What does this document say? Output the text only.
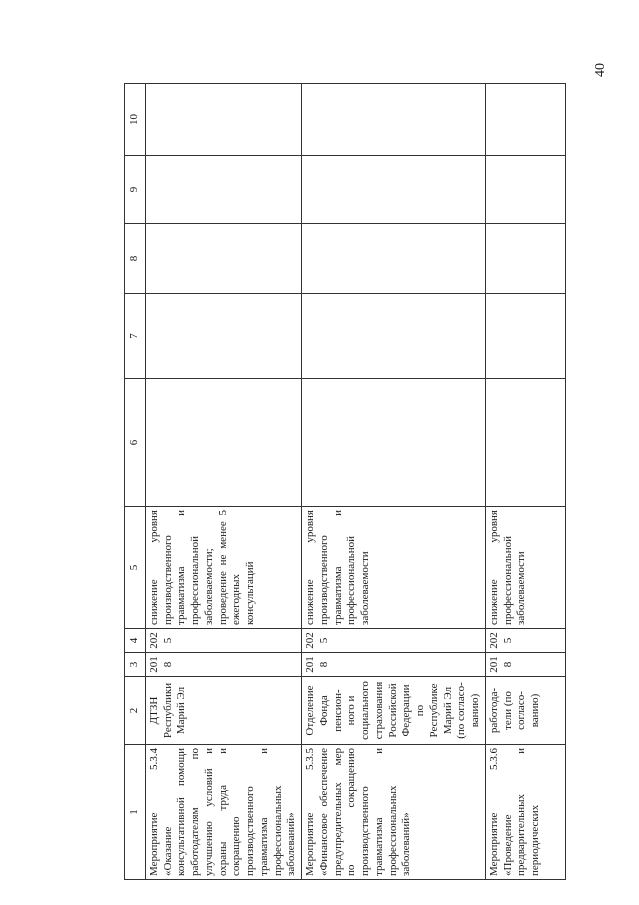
40
1	2	3	4	5	6	7	8	9	10
Мероприятие 5.3.4 «Оказание консультативной помощи работодателям по улучшению условий и охраны труда и сокращению производственного травматизма и профессиональных заболеваний»	ДТЗН Республики Марий Эл	2018	2025	снижение уровня производственного травматизма и профессиональной заболеваемости; проведение не менее 5 ежегодных консультаций					
Мероприятие 5.3.5 «Финансовое обеспечение предупредительных мер по сокращению производственного травматизма и профессиональных заболеваний»	Отделение Фонда пенсион-ного и социального страхования Российской Федерации по Республике Марий Эл (по согласо-ванию)	2018	2025	снижение уровня производственного травматизма и профессиональной заболеваемости					
Мероприятие 5.3.6 «Проведение предварительных и периодических	работода-тели (по согласо-ванию)	2018	2025	снижение уровня профессиональной заболеваемости					
